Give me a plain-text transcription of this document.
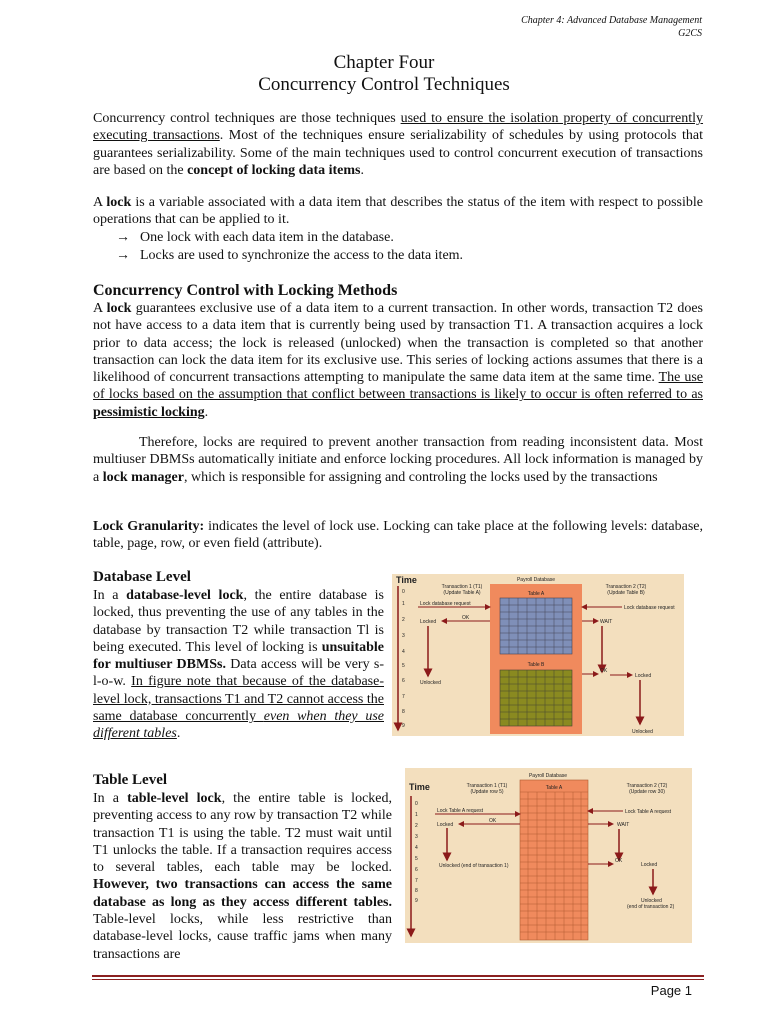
Chapter 4: Advanced Database Management
G2CS
Chapter Four
Concurrency Control Techniques
Concurrency control techniques are those techniques used to ensure the isolation property of concurrently executing transactions. Most of the techniques ensure serializability of schedules by using protocols that guarantees serializability. Some of the main techniques used to control concurrent execution of transactions are based on the concept of locking data items.
A lock is a variable associated with a data item that describes the status of the item with respect to possible operations that can be applied to it.
→ One lock with each data item in the database.
→ Locks are used to synchronize the access to the data item.
Concurrency Control with Locking Methods
A lock guarantees exclusive use of a data item to a current transaction. In other words, transaction T2 does not have access to a data item that is currently being used by transaction T1. A transaction acquires a lock prior to data access; the lock is released (unlocked) when the transaction is completed so that another transaction can lock the data item for its exclusive use. This series of locking actions assumes that there is a likelihood of concurrent transactions attempting to manipulate the same data item at the same time. The use of locks based on the assumption that conflict between transactions is likely to occur is often referred to as pessimistic locking.
Therefore, locks are required to prevent another transaction from reading inconsistent data. Most multiuser DBMSs automatically initiate and enforce locking procedures. All lock information is managed by a lock manager, which is responsible for assigning and controling the locks used by the transactions
Lock Granularity: indicates the level of lock use. Locking can take place at the following levels: database, table, page, row, or even field (attribute).
Database Level
In a database-level lock, the entire database is locked, thus preventing the use of any tables in the database by transaction T2 while transaction Tl is being executed. This level of locking is unsuitable for multiuser DBMSs. Data access will be very s-l-o-w. In figure note that because of the database-level lock, transactions T1 and T2 cannot access the same database concurrently even when they use different tables.
Time
0
1
2
3
4
5
6
7
8
9
Payroll Database
Transaction 1 (T1)
(Update Table A)
Transaction 2 (T2)
(Update Table B)
Table A
Table B
Lock database request
Lock database request
Locked
OK
WAIT
Unlocked
OK
Locked
Unlocked
Table Level
In a table-level lock, the entire table is locked, preventing access to any row by transaction T2 while transaction T1 is using the table. T2 must wait until T1 unlocks the table. If a transaction requires access to several tables, each table may be locked. However, two transactions can access the same database as long as they access different tables. Table-level locks, while less restrictive than database-level locks, cause traffic jams when many transactions are
Time
0
1
2
3
4
5
6
7
8
9
Payroll Database
Table A
Transaction 1 (T1)
(Update row 5)
Transaction 2 (T2)
(Update row 30)
Lock Table A request	Lock Table A request
Locked
OK
WAIT
Unlocked (end of transaction 1)
OK
Locked
Unlocked
(end of transaction 2)
Page 1
